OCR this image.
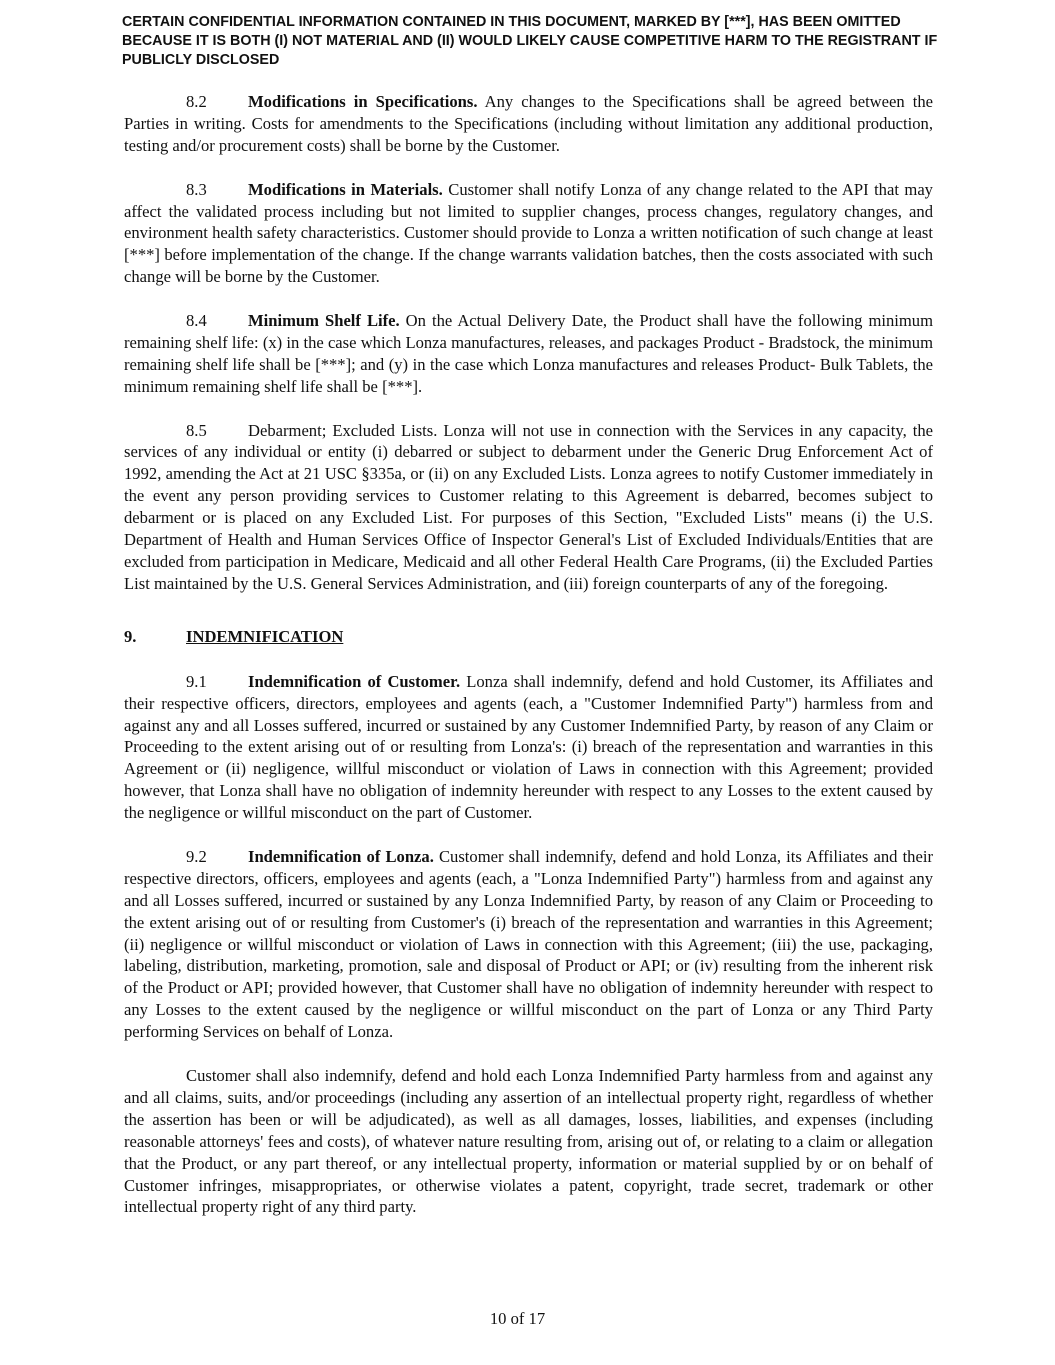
CERTAIN CONFIDENTIAL INFORMATION CONTAINED IN THIS DOCUMENT, MARKED BY [***], HAS BEEN OMITTED BECAUSE IT IS BOTH (I) NOT MATERIAL AND (II) WOULD LIKELY CAUSE COMPETITIVE HARM TO THE REGISTRANT IF PUBLICLY DISCLOSED

8.2 Modifications in Specifications. Any changes to the Specifications shall be agreed between the Parties in writing. Costs for amendments to the Specifications (including without limitation any additional production, testing and/or procurement costs) shall be borne by the Customer.

8.3 Modifications in Materials. Customer shall notify Lonza of any change related to the API that may affect the validated process including but not limited to supplier changes, process changes, regulatory changes, and environment health safety characteristics. Customer should provide to Lonza a written notification of such change at least [***] before implementation of the change. If the change warrants validation batches, then the costs associated with such change will be borne by the Customer.

8.4 Minimum Shelf Life. On the Actual Delivery Date, the Product shall have the following minimum remaining shelf life: (x) in the case which Lonza manufactures, releases, and packages Product - Bradstock, the minimum remaining shelf life shall be [***]; and (y) in the case which Lonza manufactures and releases Product- Bulk Tablets, the minimum remaining shelf life shall be [***].

8.5 Debarment; Excluded Lists. Lonza will not use in connection with the Services in any capacity, the services of any individual or entity (i) debarred or subject to debarment under the Generic Drug Enforcement Act of 1992, amending the Act at 21 USC §335a, or (ii) on any Excluded Lists. Lonza agrees to notify Customer immediately in the event any person providing services to Customer relating to this Agreement is debarred, becomes subject to debarment or is placed on any Excluded List. For purposes of this Section, "Excluded Lists" means (i) the U.S. Department of Health and Human Services Office of Inspector General's List of Excluded Individuals/Entities that are excluded from participation in Medicare, Medicaid and all other Federal Health Care Programs, (ii) the Excluded Parties List maintained by the U.S. General Services Administration, and (iii) foreign counterparts of any of the foregoing.

9.	INDEMNIFICATION

9.1 Indemnification of Customer. Lonza shall indemnify, defend and hold Customer, its Affiliates and their respective officers, directors, employees and agents (each, a "Customer Indemnified Party") harmless from and against any and all Losses suffered, incurred or sustained by any Customer Indemnified Party, by reason of any Claim or Proceeding to the extent arising out of or resulting from Lonza's: (i) breach of the representation and warranties in this Agreement or (ii) negligence, willful misconduct or violation of Laws in connection with this Agreement; provided however, that Lonza shall have no obligation of indemnity hereunder with respect to any Losses to the extent caused by the negligence or willful misconduct on the part of Customer.

9.2 Indemnification of Lonza. Customer shall indemnify, defend and hold Lonza, its Affiliates and their respective directors, officers, employees and agents (each, a "Lonza Indemnified Party") harmless from and against any and all Losses suffered, incurred or sustained by any Lonza Indemnified Party, by reason of any Claim or Proceeding to the extent arising out of or resulting from Customer's (i) breach of the representation and warranties in this Agreement; (ii) negligence or willful misconduct or violation of Laws in connection with this Agreement; (iii) the use, packaging, labeling, distribution, marketing, promotion, sale and disposal of Product or API; or (iv) resulting from the inherent risk of the Product or API; provided however, that Customer shall have no obligation of indemnity hereunder with respect to any Losses to the extent caused by the negligence or willful misconduct on the part of Lonza or any Third Party performing Services on behalf of Lonza.

Customer shall also indemnify, defend and hold each Lonza Indemnified Party harmless from and against any and all claims, suits, and/or proceedings (including any assertion of an intellectual property right, regardless of whether the assertion has been or will be adjudicated), as well as all damages, losses, liabilities, and expenses (including reasonable attorneys' fees and costs), of whatever nature resulting from, arising out of, or relating to a claim or allegation that the Product, or any part thereof, or any intellectual property, information or material supplied by or on behalf of Customer infringes, misappropriates, or otherwise violates a patent, copyright, trade secret, trademark or other intellectual property right of any third party.

10 of 17
